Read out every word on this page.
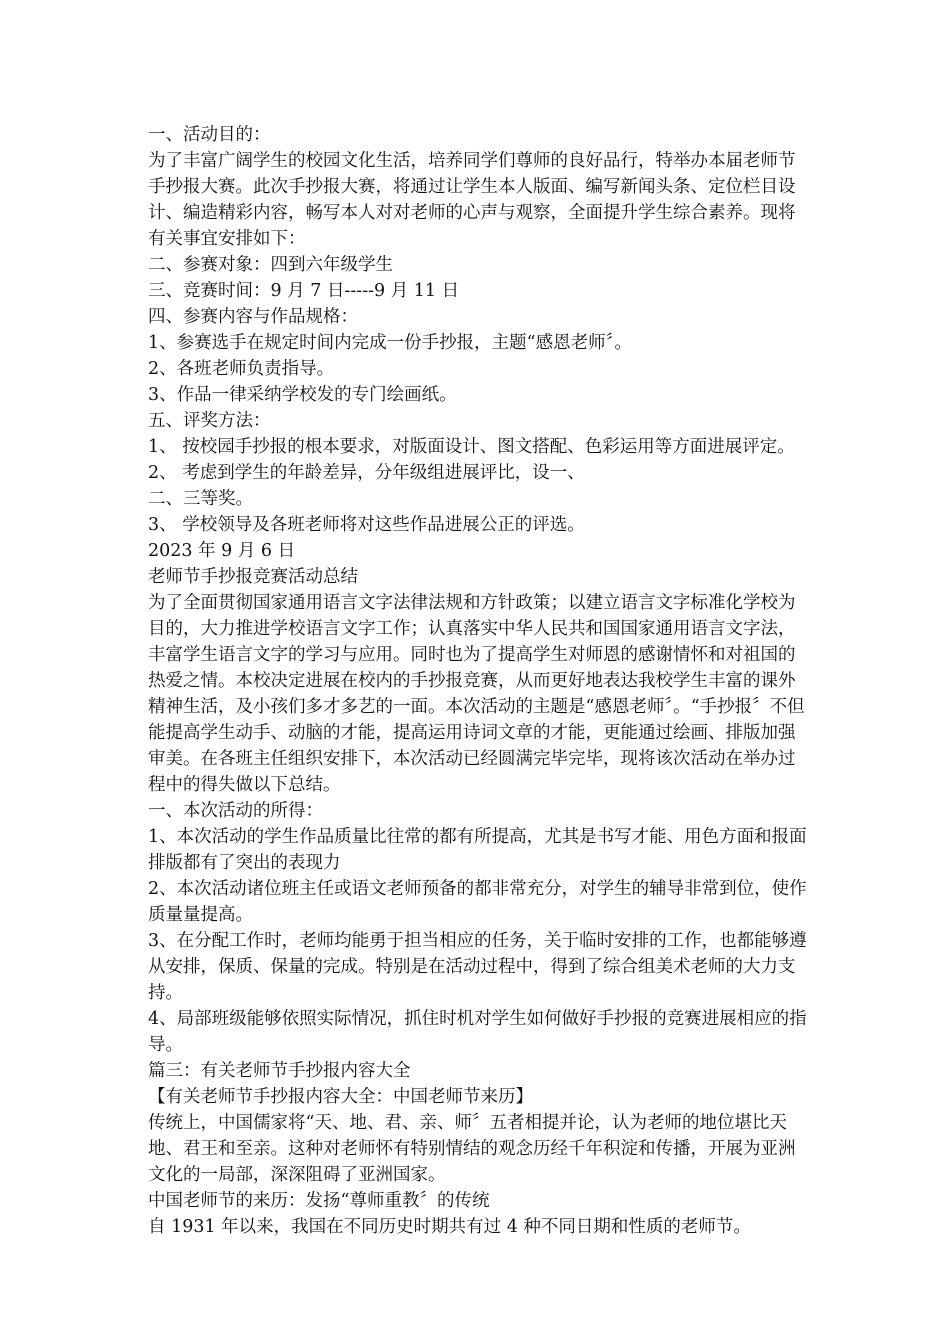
一、活动目的：

为了丰富广阔学生的校园文化生活，培养同学们尊师的良好品行，特举办本届老师节手抄报大赛。此次手抄报大赛，将通过让学生本人版面、编写新闻头条、定位栏目设计、编造精彩内容，畅写本人对对老师的心声与观察，全面提升学生综合素养。现将有关事宜安排如下：

二、参赛对象：四到六年级学生

三、竞赛时间：9 月 7 日-----9 月 11 日

四、参赛内容与作品规格：

1、参赛选手在规定时间内完成一份手抄报，主题“感恩老师〞。

2、各班老师负责指导。

3、作品一律采纳学校发的专门绘画纸。

五、评奖方法：

1、 按校园手抄报的根本要求，对版面设计、图文搭配、色彩运用等方面进展评定。

2、 考虑到学生的年龄差异，分年级组进展评比，设一、

二、三等奖。

3、 学校领导及各班老师将对这些作品进展公正的评选。

2023 年 9 月 6 日

老师节手抄报竞赛活动总结

为了全面贯彻国家通用语言文字法律法规和方针政策；以建立语言文字标准化学校为目的，大力推进学校语言文字工作；认真落实中华人民共和国国家通用语言文字法，丰富学生语言文字的学习与应用。同时也为了提高学生对师恩的感谢情怀和对祖国的热爱之情。本校决定进展在校内的手抄报竞赛，从而更好地表达我校学生丰富的课外精神生活，及小孩们多才多艺的一面。本次活动的主题是“感恩老师〞。“手抄报〞不但能提高学生动手、动脑的才能，提高运用诗词文章的才能，更能通过绘画、排版加强审美。在各班主任组织安排下，本次活动已经圆满完毕完毕，现将该次活动在举办过程中的得失做以下总结。

一、本次活动的所得：

1、本次活动的学生作品质量比往常的都有所提高，尤其是书写才能、用色方面和报面排版都有了突出的表现力

2、本次活动诸位班主任或语文老师预备的都非常充分，对学生的辅导非常到位，使作质量量提高。

3、在分配工作时，老师均能勇于担当相应的任务，关于临时安排的工作，也都能够遵从安排，保质、保量的完成。特别是在活动过程中，得到了综合组美术老师的大力支持。

4、局部班级能够依照实际情况，抓住时机对学生如何做好手抄报的竞赛进展相应的指导。

篇三：有关老师节手抄报内容大全

【有关老师节手抄报内容大全：中国老师节来历】

传统上，中国儒家将“天、地、君、亲、师〞五者相提并论，认为老师的地位堪比天地、君王和至亲。这种对老师怀有特别情结的观念历经千年积淀和传播，开展为亚洲文化的一局部，深深阻碍了亚洲国家。

中国老师节的来历：发扬“尊师重教〞的传统

自 1931 年以来，我国在不同历史时期共有过 4 种不同日期和性质的老师节。
